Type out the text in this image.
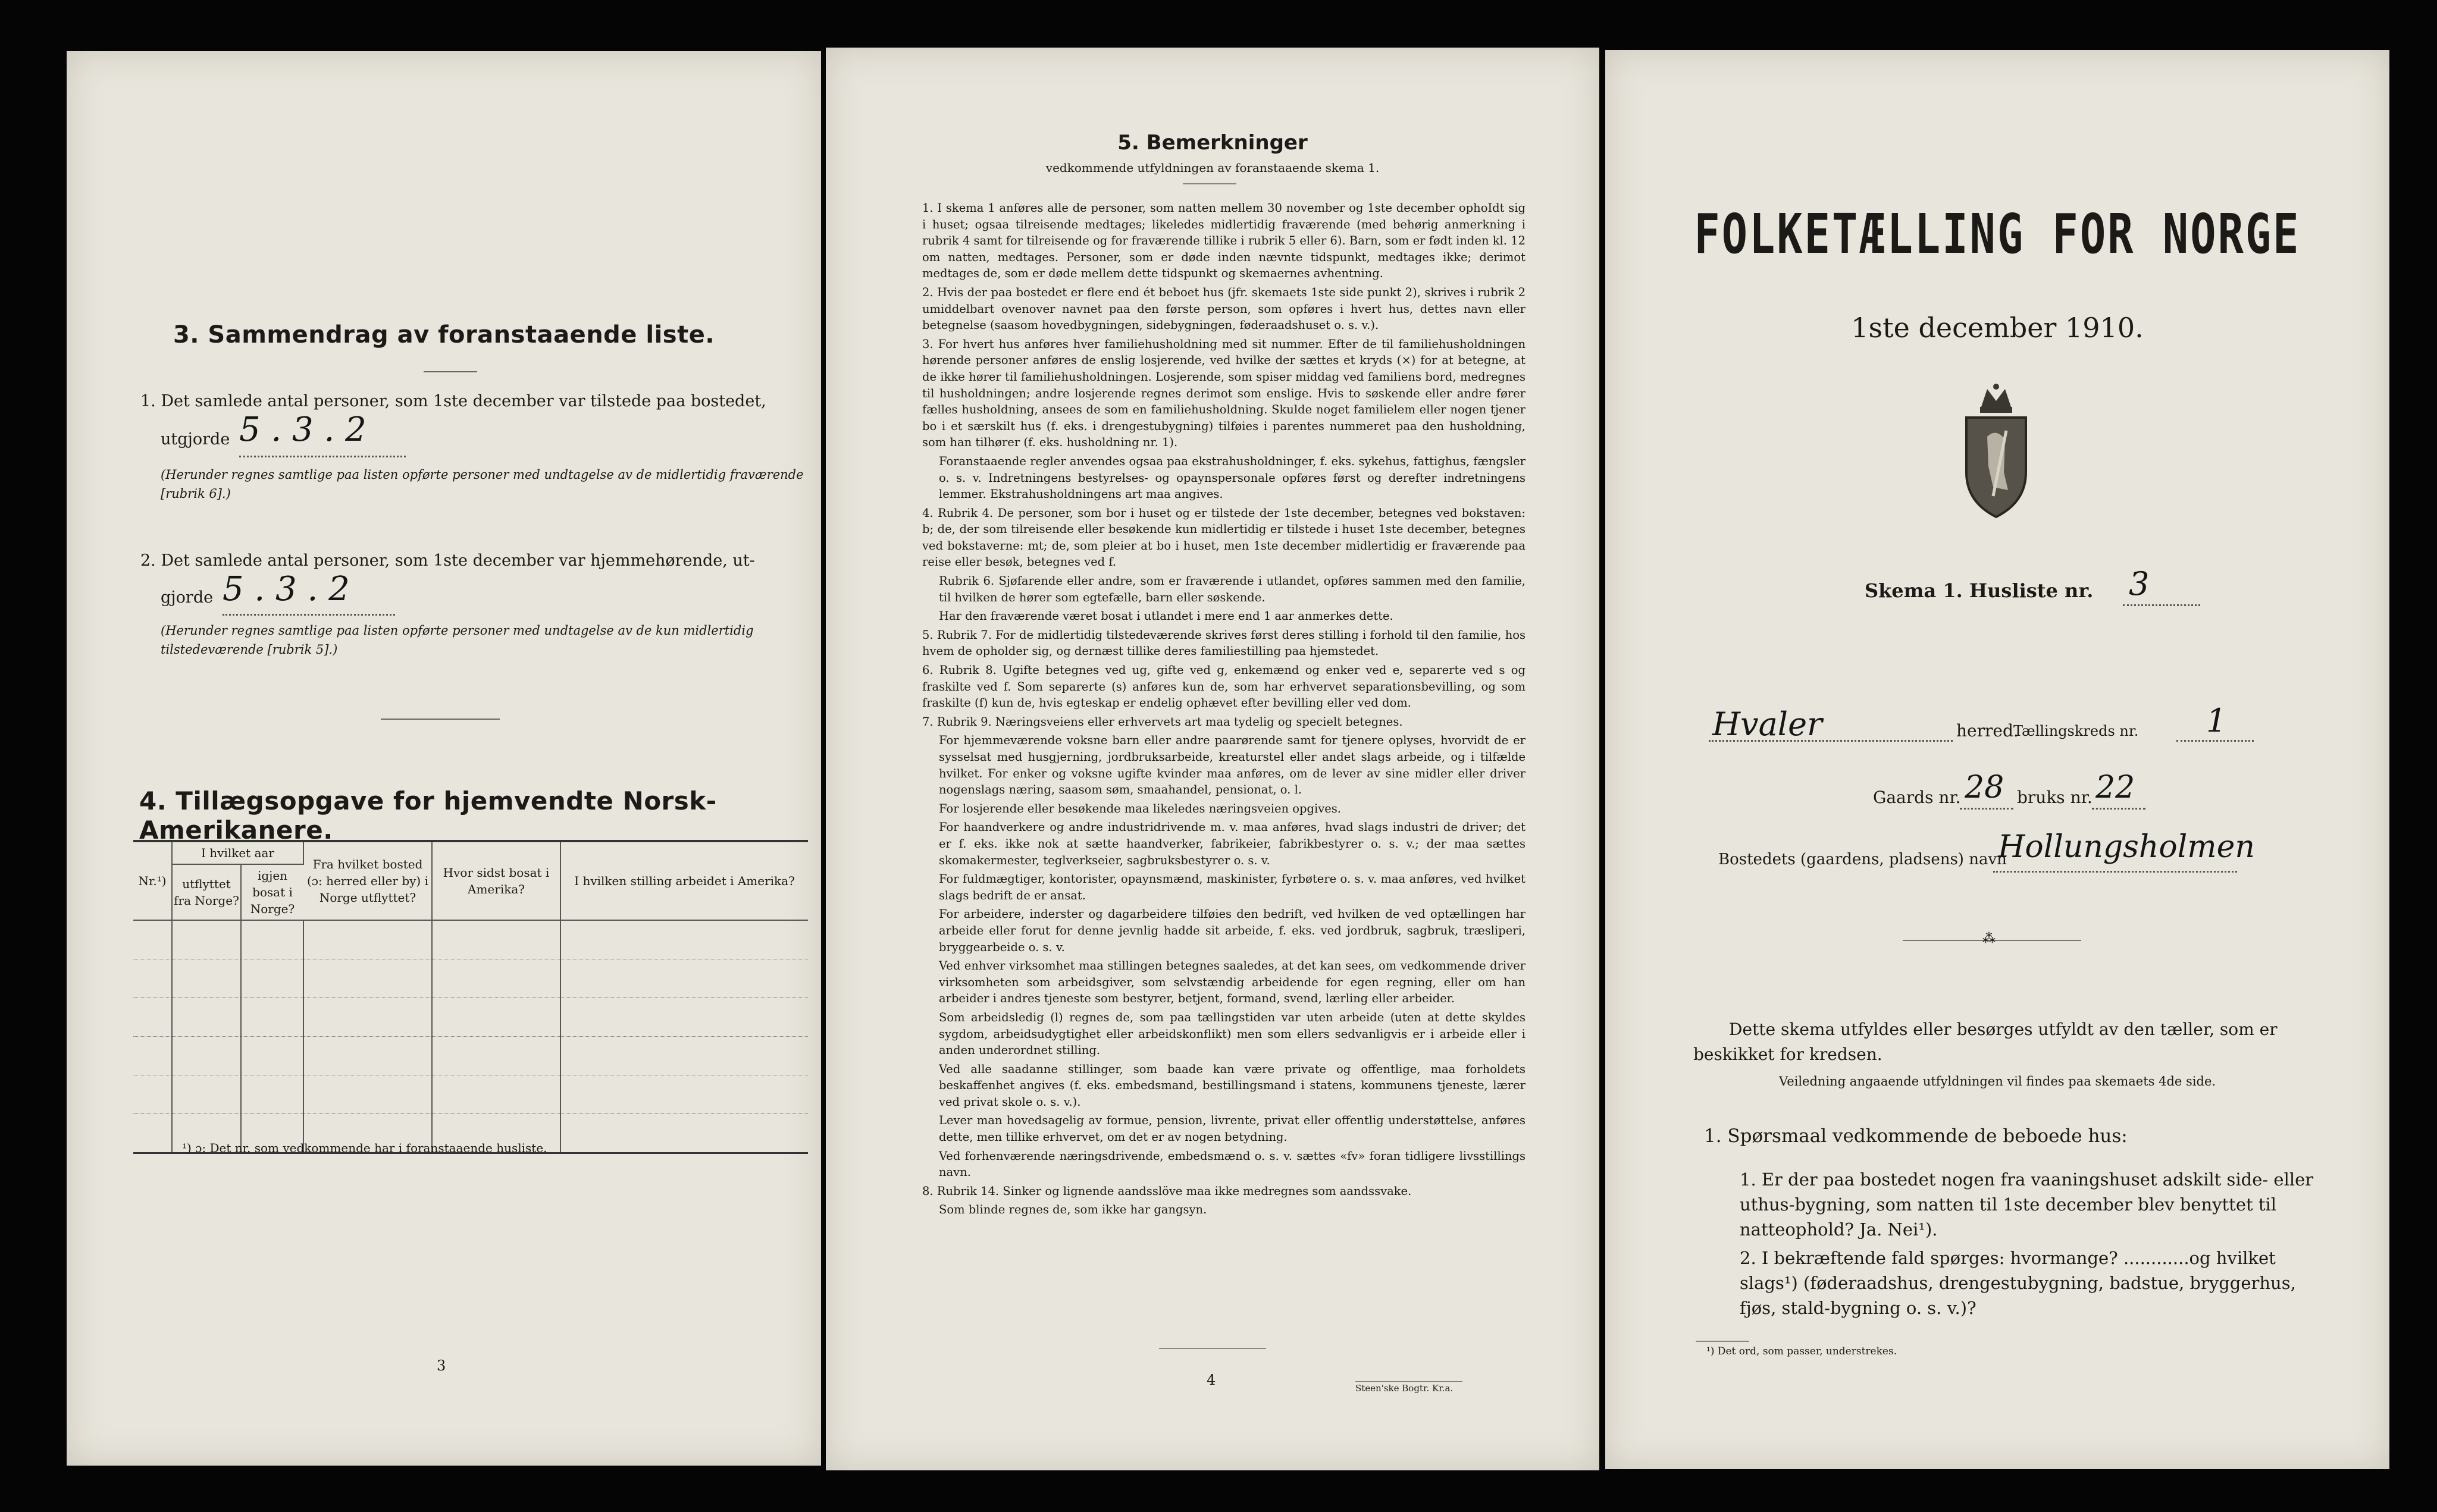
3. Sammendrag av foranstaaende liste.
1. Det samlede antal personer, som 1ste december var tilstede paa bostedet,
utgjorde 5 . 3 . 2
(Herunder regnes samtlige paa listen opførte personer med undtagelse av de midlertidig fraværende [rubrik 6].)
2. Det samlede antal personer, som 1ste december var hjemmehørende, ut-
gjorde 5 . 3 . 2
(Herunder regnes samtlige paa listen opførte personer med undtagelse av de kun midlertidig tilstedeværende [rubrik 5].)
4. Tillægsopgave for hjemvendte Norsk-Amerikanere.
Nr.¹)	I hvilket aar		Fra hvilket bosted (ɔ: herred eller by) i Norge utflyttet?	Hvor sidst bosat i Amerika?	I hvilken stilling arbeidet i Amerika?
	utflyttet fra Norge?	igjen bosat i Norge?			

¹) ɔ: Det nr. som vedkommende har i foranstaaende husliste.
3
5. Bemerkninger
vedkommende utfyldningen av foranstaaende skema 1.

1. I skema 1 anføres alle de personer, som natten mellem 30 november og 1ste december ophoIdt sig i huset; ogsaa tilreisende medtages; likeledes midlertidig fraværende (med behørig anmerkning i rubrik 4 samt for tilreisende og for fraværende tillike i rubrik 5 eller 6). Barn, som er født inden kl. 12 om natten, medtages. Personer, som er døde inden nævnte tidspunkt, medtages ikke; derimot medtages de, som er døde mellem dette tidspunkt og skemaernes avhentning.

2. Hvis der paa bostedet er flere end ét beboet hus (jfr. skemaets 1ste side punkt 2), skrives i rubrik 2 umiddelbart ovenover navnet paa den første person, som opføres i hvert hus, dettes navn eller betegnelse (saasom hovedbygningen, sidebygningen, føderaadshuset o. s. v.).

3. For hvert hus anføres hver familiehusholdning med sit nummer. Efter de til familiehusholdningen hørende personer anføres de enslig losjerende, ved hvilke der sættes et kryds (×) for at betegne, at de ikke hører til familiehusholdningen. Losjerende, som spiser middag ved familiens bord, medregnes til husholdningen; andre losjerende regnes derimot som enslige. Hvis to søskende eller andre fører fælles husholdning, ansees de som en familiehusholdning. Skulde noget familielem eller nogen tjener bo i et særskilt hus (f. eks. i drengestubygning) tilføies i parentes nummeret paa den husholdning, som han tilhører (f. eks. husholdning nr. 1).

Foranstaaende regler anvendes ogsaa paa ekstrahusholdninger, f. eks. sykehus, fattighus, fængsler o. s. v. Indretningens bestyrelses- og opaynspersonale opføres først og derefter indretningens lemmer. Ekstrahusholdningens art maa angives.

4. Rubrik 4. De personer, som bor i huset og er tilstede der 1ste december, betegnes ved bokstaven: b; de, der som tilreisende eller besøkende kun midlertidig er tilstede i huset 1ste december, betegnes ved bokstaverne: mt; de, som pleier at bo i huset, men 1ste december midlertidig er fraværende paa reise eller besøk, betegnes ved f.

Rubrik 6. Sjøfarende eller andre, som er fraværende i utlandet, opføres sammen med den familie, til hvilken de hører som egtefælle, barn eller søskende.

Har den fraværende været bosat i utlandet i mere end 1 aar anmerkes dette.

5. Rubrik 7. For de midlertidig tilstedeværende skrives først deres stilling i forhold til den familie, hos hvem de opholder sig, og dernæst tillike deres familiestilling paa hjemstedet.

6. Rubrik 8. Ugifte betegnes ved ug, gifte ved g, enkemænd og enker ved e, separerte ved s og fraskilte ved f. Som separerte (s) anføres kun de, som har erhvervet separationsbevilling, og som fraskilte (f) kun de, hvis egteskap er endelig ophævet efter bevilling eller ved dom.

7. Rubrik 9. Næringsveiens eller erhvervets art maa tydelig og specielt betegnes.

For hjemmeværende voksne barn eller andre paarørende samt for tjenere oplyses, hvorvidt de er sysselsat med husgjerning, jordbruksarbeide, kreaturstel eller andet slags arbeide, og i tilfælde hvilket. For enker og voksne ugifte kvinder maa anføres, om de lever av sine midler eller driver nogenslags næring, saasom søm, smaahandel, pensionat, o. l.

For losjerende eller besøkende maa likeledes næringsveien opgives.

For haandverkere og andre industridrivende m. v. maa anføres, hvad slags industri de driver; det er f. eks. ikke nok at sætte haandverker, fabrikeier, fabrikbestyrer o. s. v.; der maa sættes skomakermester, teglverkseier, sagbruksbestyrer o. s. v.

For fuldmægtiger, kontorister, opaynsmænd, maskinister, fyrbøtere o. s. v. maa anføres, ved hvilket slags bedrift de er ansat.

For arbeidere, inderster og dagarbeidere tilføies den bedrift, ved hvilken de ved optællingen har arbeide eller forut for denne jevnlig hadde sit arbeide, f. eks. ved jordbruk, sagbruk, træsliperi, bryggearbeide o. s. v.

Ved enhver virksomhet maa stillingen betegnes saaledes, at det kan sees, om vedkommende driver virksomheten som arbeidsgiver, som selvstændig arbeidende for egen regning, eller om han arbeider i andres tjeneste som bestyrer, betjent, formand, svend, lærling eller arbeider.

Som arbeidsledig (l) regnes de, som paa tællingstiden var uten arbeide (uten at dette skyldes sygdom, arbeidsudygtighet eller arbeidskonflikt) men som ellers sedvanligvis er i arbeide eller i anden underordnet stilling.

Ved alle saadanne stillinger, som baade kan være private og offentlige, maa forholdets beskaffenhet angives (f. eks. embedsmand, bestillingsmand i statens, kommunens tjeneste, lærer ved privat skole o. s. v.).

Lever man hovedsagelig av formue, pension, livrente, privat eller offentlig understøttelse, anføres dette, men tillike erhvervet, om det er av nogen betydning.

Ved forhenværende næringsdrivende, embedsmænd o. s. v. sættes «fv» foran tidligere livsstillings navn.

8. Rubrik 14. Sinker og lignende aandsslöve maa ikke medregnes som aandssvake.

Som blinde regnes de, som ikke har gangsyn.

4	Steen'ske Bogtr. Kr.a.
FOLKETÆLLING FOR NORGE
1ste december 1910.
Skema 1. Husliste nr. 3
Hvaler	herred.
Tællingskreds nr. 1
Gaards nr. 28 bruks nr. 22
Bostedets (gaardens, pladsens) navn
Hollungsholmen
⁂
Dette skema utfyldes eller besørges utfyldt av den tæller, som er beskikket for kredsen.
Veiledning angaaende utfyldningen vil findes paa skemaets 4de side.
1. Spørsmaal vedkommende de beboede hus:
1. Er der paa bostedet nogen fra vaaningshuset adskilt side- eller uthus-bygning, som natten til 1ste december blev benyttet til natteophold? Ja. Nei¹).
2. I bekræftende fald spørges: hvormange? ............og hvilket slags¹) (føderaadshus, drengestubygning, badstue, bryggerhus, fjøs, stald-bygning o. s. v.)?
¹) Det ord, som passer, understrekes.
